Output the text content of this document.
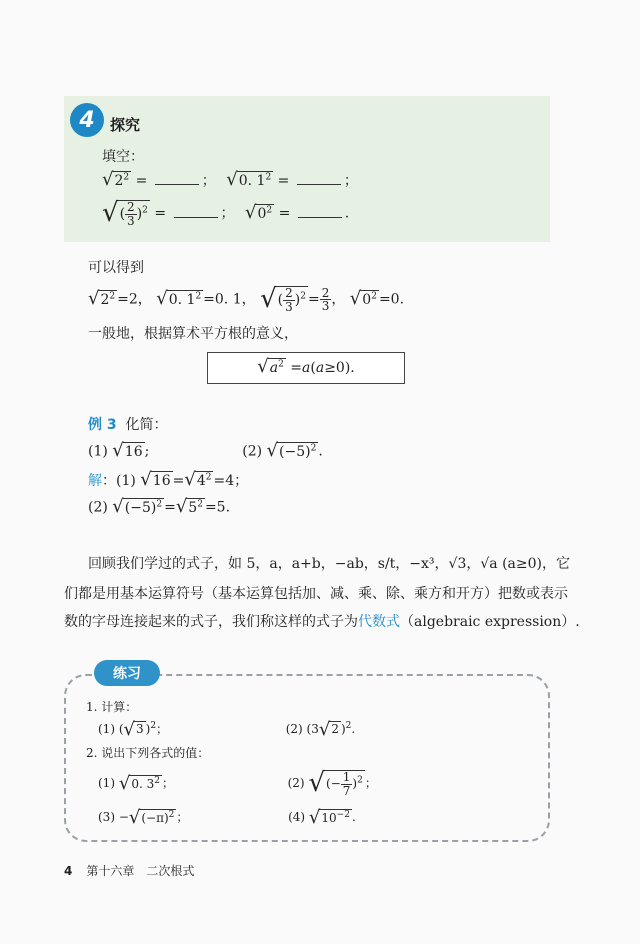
4	探究
填空：
√ $2^2$ =	； √ 0. $1^2$ =	；
√ ( $\frac{2}{3} )^2$ =	； √ $0^2$ =	.
可以得到
√ $2^2 =2$， √ 0. $1^2 =0$. 1， √ ( $\frac{2}{3} )^2 = \frac{2}{3}$ ， √ $0^2 =0$.
一般地，根据算术平方根的意义，
√ $a^2 = a$ ( a ≥0).
例 3 化简：
(1) √ 16 ;	(2) √ $(-5)^2$ .
解：(1) √ 16 = √ $4^2 =4$；
(2) √ $(-5)^2$ = √ $5^2 =5$.
回顾我们学过的式子，如 5，a，a+b，−ab，s/t，−x³，√3，√a (a≥0)，它
们都是用基本运算符号（基本运算包括加、减、乘、除、乘方和开方）把数或表示
数的字母连接起来的式子，我们称这样的式子为代数式（algebraic expression）.
练习
1. 计算：
(1) ( √ 3 )$^2$；	(2) (3 √ 2 )$^2$.
2. 说出下列各式的值：
(1) √ 0. $3^2$ ；	(2) √ (− $\frac{1}{7} )^2$ ；
(3) − √ $(-\pi)^2$ ；	(4) √ $10^{-2}$ .
4 第十六章　二次根式
